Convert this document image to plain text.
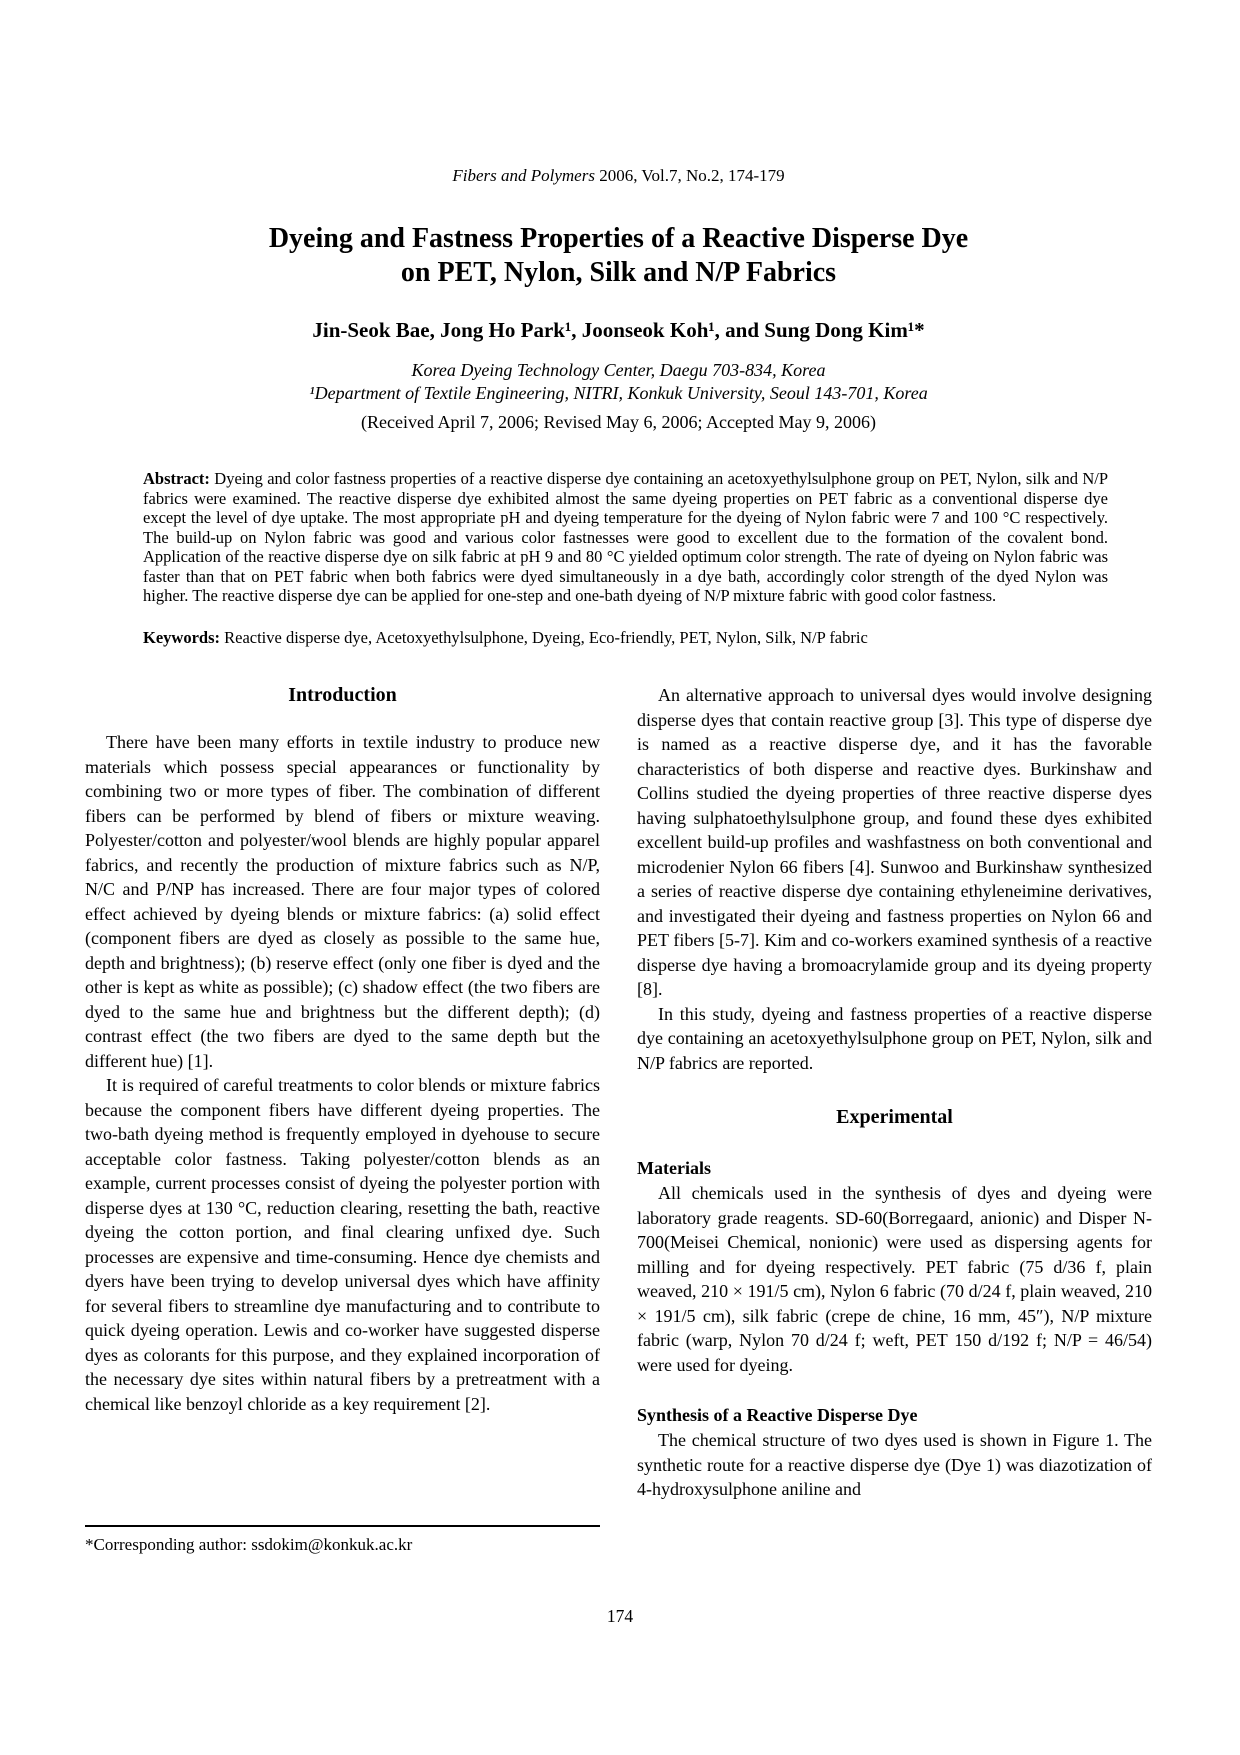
Fibers and Polymers 2006, Vol.7, No.2, 174-179
Dyeing and Fastness Properties of a Reactive Disperse Dye
on PET, Nylon, Silk and N/P Fabrics
Jin-Seok Bae, Jong Ho Park¹, Joonseok Koh¹, and Sung Dong Kim¹*
Korea Dyeing Technology Center, Daegu 703-834, Korea
¹Department of Textile Engineering, NITRI, Konkuk University, Seoul 143-701, Korea
(Received April 7, 2006; Revised May 6, 2006; Accepted May 9, 2006)
Abstract: Dyeing and color fastness properties of a reactive disperse dye containing an acetoxyethylsulphone group on PET, Nylon, silk and N/P fabrics were examined. The reactive disperse dye exhibited almost the same dyeing properties on PET fabric as a conventional disperse dye except the level of dye uptake. The most appropriate pH and dyeing temperature for the dyeing of Nylon fabric were 7 and 100 °C respectively. The build-up on Nylon fabric was good and various color fastnesses were good to excellent due to the formation of the covalent bond. Application of the reactive disperse dye on silk fabric at pH 9 and 80 °C yielded optimum color strength. The rate of dyeing on Nylon fabric was faster than that on PET fabric when both fabrics were dyed simultaneously in a dye bath, accordingly color strength of the dyed Nylon was higher. The reactive disperse dye can be applied for one-step and one-bath dyeing of N/P mixture fabric with good color fastness.
Keywords: Reactive disperse dye, Acetoxyethylsulphone, Dyeing, Eco-friendly, PET, Nylon, Silk, N/P fabric
Introduction

There have been many efforts in textile industry to produce new materials which possess special appearances or functionality by combining two or more types of fiber. The combination of different fibers can be performed by blend of fibers or mixture weaving. Polyester/cotton and polyester/wool blends are highly popular apparel fabrics, and recently the production of mixture fabrics such as N/P, N/C and P/NP has increased. There are four major types of colored effect achieved by dyeing blends or mixture fabrics: (a) solid effect (component fibers are dyed as closely as possible to the same hue, depth and brightness); (b) reserve effect (only one fiber is dyed and the other is kept as white as possible); (c) shadow effect (the two fibers are dyed to the same hue and brightness but the different depth); (d) contrast effect (the two fibers are dyed to the same depth but the different hue) [1].

It is required of careful treatments to color blends or mixture fabrics because the component fibers have different dyeing properties. The two-bath dyeing method is frequently employed in dyehouse to secure acceptable color fastness. Taking polyester/cotton blends as an example, current processes consist of dyeing the polyester portion with disperse dyes at 130 °C, reduction clearing, resetting the bath, reactive dyeing the cotton portion, and final clearing unfixed dye. Such processes are expensive and time-consuming. Hence dye chemists and dyers have been trying to develop universal dyes which have affinity for several fibers to streamline dye manufacturing and to contribute to quick dyeing operation. Lewis and co-worker have suggested disperse dyes as colorants for this purpose, and they explained incorporation of the necessary dye sites within natural fibers by a pretreatment with a chemical like benzoyl chloride as a key requirement [2].

*Corresponding author: ssdokim@konkuk.ac.kr

An alternative approach to universal dyes would involve designing disperse dyes that contain reactive group [3]. This type of disperse dye is named as a reactive disperse dye, and it has the favorable characteristics of both disperse and reactive dyes. Burkinshaw and Collins studied the dyeing properties of three reactive disperse dyes having sulphatoethylsulphone group, and found these dyes exhibited excellent build-up profiles and washfastness on both conventional and microdenier Nylon 66 fibers [4]. Sunwoo and Burkinshaw synthesized a series of reactive disperse dye containing ethyleneimine derivatives, and investigated their dyeing and fastness properties on Nylon 66 and PET fibers [5-7]. Kim and co-workers examined synthesis of a reactive disperse dye having a bromoacrylamide group and its dyeing property [8].

In this study, dyeing and fastness properties of a reactive disperse dye containing an acetoxyethylsulphone group on PET, Nylon, silk and N/P fabrics are reported.

Experimental
Materials

All chemicals used in the synthesis of dyes and dyeing were laboratory grade reagents. SD-60(Borregaard, anionic) and Disper N-700(Meisei Chemical, nonionic) were used as dispersing agents for milling and for dyeing respectively. PET fabric (75 d/36 f, plain weaved, 210 × 191/5 cm), Nylon 6 fabric (70 d/24 f, plain weaved, 210 × 191/5 cm), silk fabric (crepe de chine, 16 mm, 45″), N/P mixture fabric (warp, Nylon 70 d/24 f; weft, PET 150 d/192 f; N/P = 46/54) were used for dyeing.

Synthesis of a Reactive Disperse Dye

The chemical structure of two dyes used is shown in Figure 1. The synthetic route for a reactive disperse dye (Dye 1) was diazotization of 4-hydroxysulphone aniline and

174
